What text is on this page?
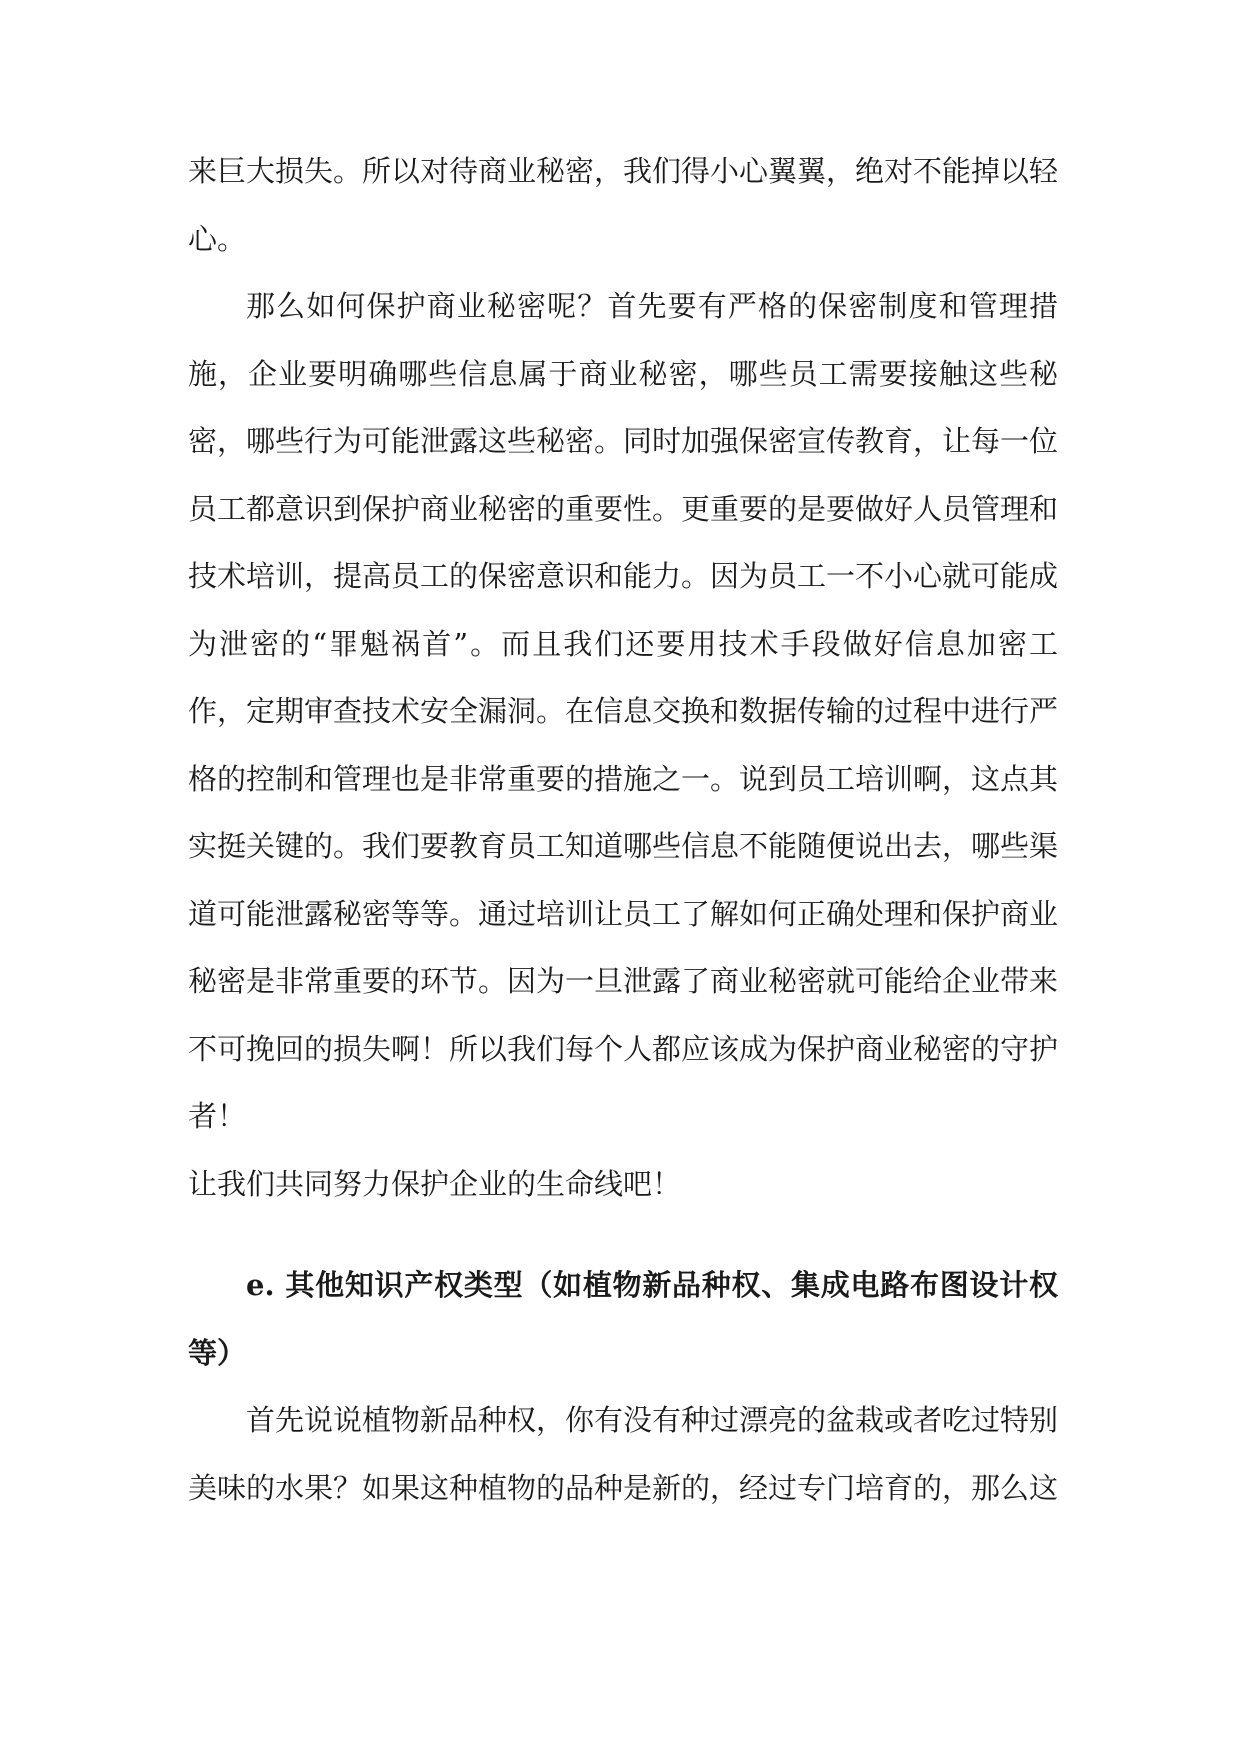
来巨大损失。所以对待商业秘密，我们得小心翼翼，绝对不能掉以轻心。

那么如何保护商业秘密呢？首先要有严格的保密制度和管理措施，企业要明确哪些信息属于商业秘密，哪些员工需要接触这些秘密，哪些行为可能泄露这些秘密。同时加强保密宣传教育，让每一位员工都意识到保护商业秘密的重要性。更重要的是要做好人员管理和技术培训，提高员工的保密意识和能力。因为员工一不小心就可能成为泄密的“罪魁祸首”。而且我们还要用技术手段做好信息加密工作，定期审查技术安全漏洞。在信息交换和数据传输的过程中进行严格的控制和管理也是非常重要的措施之一。说到员工培训啊，这点其实挺关键的。我们要教育员工知道哪些信息不能随便说出去，哪些渠道可能泄露秘密等等。通过培训让员工了解如何正确处理和保护商业秘密是非常重要的环节。因为一旦泄露了商业秘密就可能给企业带来不可挽回的损失啊！所以我们每个人都应该成为保护商业秘密的守护者！

让我们共同努力保护企业的生命线吧！

e. 其他知识产权类型（如植物新品种权、集成电路布图设计权等）

首先说说植物新品种权，你有没有种过漂亮的盆栽或者吃过特别美味的水果？如果这种植物的品种是新的，经过专门培育的，那么这
